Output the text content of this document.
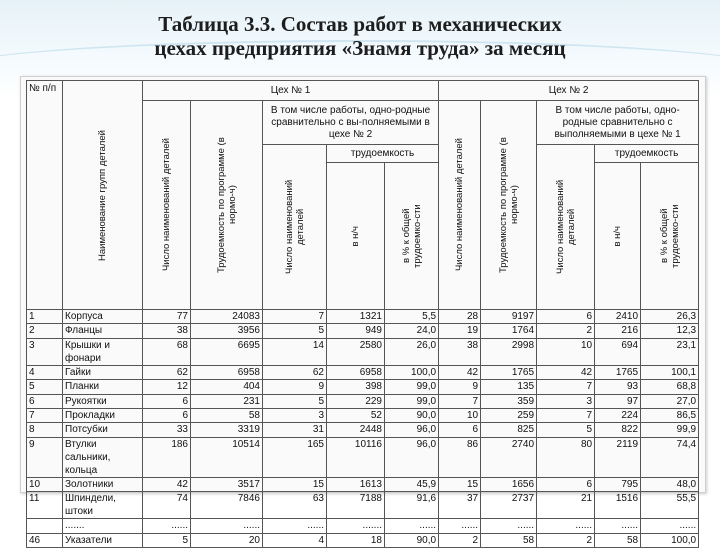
Таблица 3.3. Состав работ в механических
цехах предприятия «Знамя труда» за месяц
№ п/п	Наименование групп деталей	Цех № 1					Цех № 2				

		Число наименований деталей	Трудоемкость по программе (в нормо-ч)	В том числе работы, одно-родные сравнительно с вы-полняемыми в цехе № 2			Число наименований деталей	Трудоемкость по программе (в нормо-ч)	В том числе работы, одно-родные сравнительно с выполняемыми в цехе № 1		

				Число наименований деталей	трудоемкость				Число наименований деталей	трудоемкость	

					в н/ч	в % к общей трудоемко-сти				в н/ч	в % к общей трудоемко-сти

1	Корпуса	77	24083	7	1321	5,5	28	9197	6	2410	26,3
2	Фланцы	38	3956	5	949	24,0	19	1764	2	216	12,3
3	Крышки и фонари	68	6695	14	2580	26,0	38	2998	10	694	23,1
4	Гайки	62	6958	62	6958	100,0	42	1765	42	1765	100,1
5	Планки	12	404	9	398	99,0	9	135	7	93	68,8
6	Рукоятки	6	231	5	229	99,0	7	359	3	97	27,0
7	Прокладки	6	58	3	52	90,0	10	259	7	224	86,5
8	Потсубки	33	3319	31	2448	96,0	6	825	5	822	99,9
9	Втулки сальники, кольца	186	10514	165	10116	96,0	86	2740	80	2119	74,4
10	Золотники	42	3517	15	1613	45,9	15	1656	6	795	48,0
11	Шпиндели, штоки	74	7846	63	7188	91,6	37	2737	21	1516	55,5
	.......	......	......	......	.......	......	......	......	......	......	......
46	Указатели	5	20	4	18	90,0	2	58	2	58	100,0
